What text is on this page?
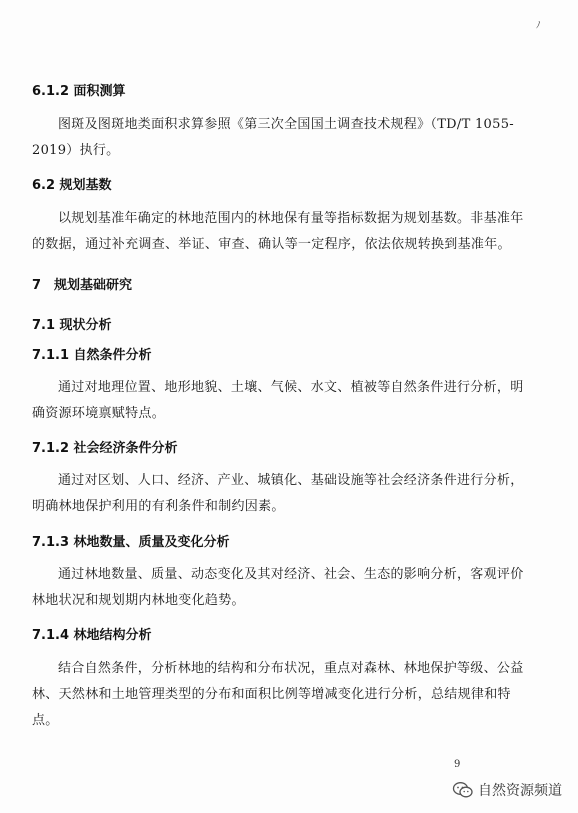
ﾉ
6.1.2 面积测算
图斑及图斑地类面积求算参照《第三次全国国土调查技术规程》（TD/T 1055-2019）执行。
6.2 规划基数
以规划基准年确定的林地范围内的林地保有量等指标数据为规划基数。非基准年的数据，通过补充调查、举证、审查、确认等一定程序，依法依规转换到基准年。
7　规划基础研究
7.1 现状分析
7.1.1 自然条件分析
通过对地理位置、地形地貌、土壤、气候、水文、植被等自然条件进行分析，明确资源环境禀赋特点。
7.1.2 社会经济条件分析
通过对区划、人口、经济、产业、城镇化、基础设施等社会经济条件进行分析，明确林地保护利用的有利条件和制约因素。
7.1.3 林地数量、质量及变化分析
通过林地数量、质量、动态变化及其对经济、社会、生态的影响分析，客观评价林地状况和规划期内林地变化趋势。
7.1.4 林地结构分析
结合自然条件，分析林地的结构和分布状况，重点对森林、林地保护等级、公益林、天然林和土地管理类型的分布和面积比例等增减变化进行分析，总结规律和特点。
9
自然资源频道
